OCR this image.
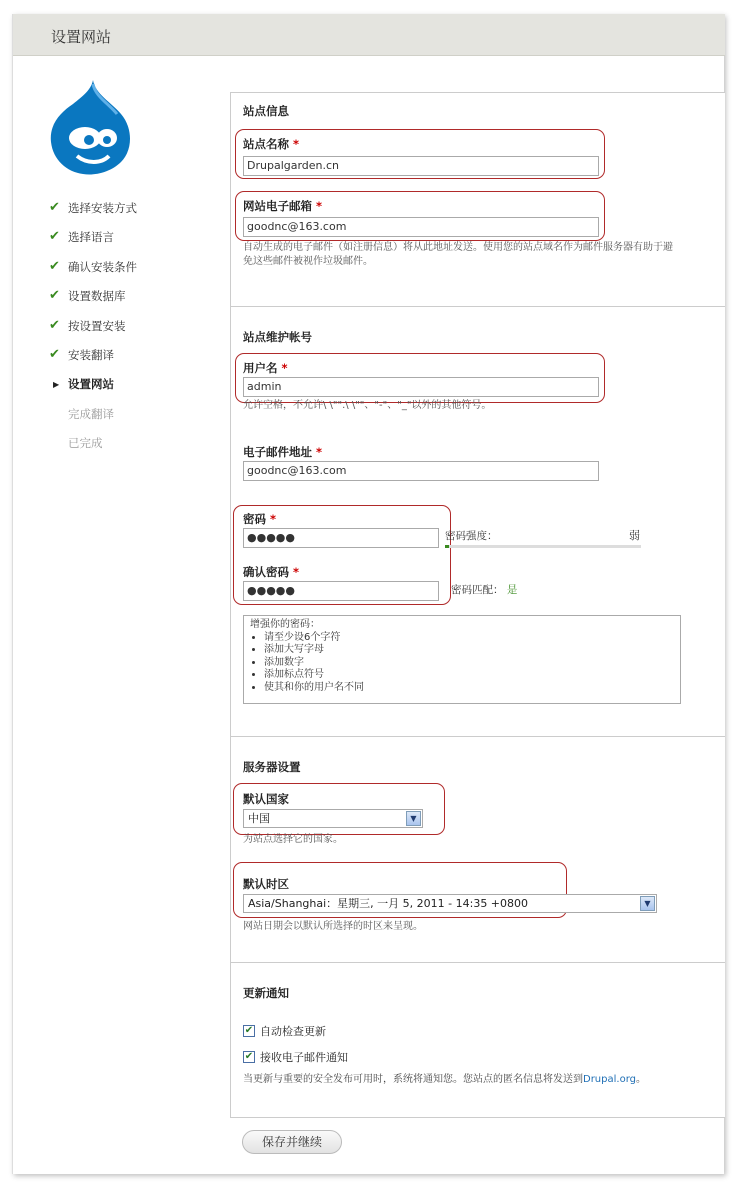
设置网站
✔ 选择安装方式
✔ 选择语言
✔ 确认安装条件
✔ 设置数据库
✔ 按设置安装
✔ 安装翻译
▶ 设置网站
完成翻译
已完成
站点信息
站点名称 *
Drupalgarden.cn
网站电子邮箱 *
goodnc@163.com
自动生成的电子邮件（如注册信息）将从此地址发送。使用您的站点域名作为邮件服务器有助于避
免这些邮件被视作垃圾邮件。
站点维护帐号
用户名 *
admin
允许空格，不允许\ \"".\ \""、"-"、"_"以外的其他符号。
电子邮件地址 *
goodnc@163.com
密码 *
●●●●●	密码强度：	弱
确认密码 *
●●●●●	密码匹配： 是
增强你的密码：
• 请至少设6个字符
• 添加大写字母
• 添加数字
• 添加标点符号
• 使其和你的用户名不同
服务器设置
默认国家
中国	▼
为站点选择它的国家。
默认时区
Asia/Shanghai：星期三, 一月 5, 2011 - 14:35 +0800	▼
网站日期会以默认所选择的时区来呈现。
更新通知
✔ 自动检查更新
✔ 接收电子邮件通知
当更新与重要的安全发布可用时，系统将通知您。您站点的匿名信息将发送到Drupal.org。
保存并继续
